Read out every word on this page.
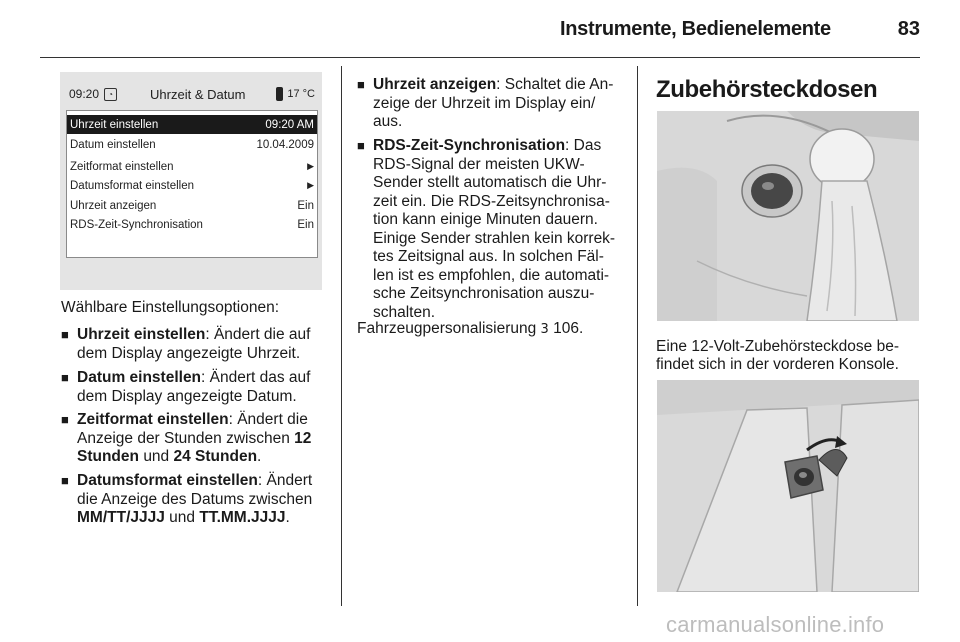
Instrumente, Bedienelemente	83
09:20	◔	Uhrzeit & Datum	17 °C
Uhrzeit einstellen	09:20 AM
Datum einstellen	10.04.2009
Zeitformat einstellen	▶
Datumsformat einstellen	▶
Uhrzeit anzeigen	Ein
RDS-Zeit-Synchronisation	Ein
Wählbare Einstellungsoptionen:
■ Uhrzeit einstellen: Ändert die auf
dem Display angezeigte Uhrzeit.
■ Datum einstellen: Ändert das auf
dem Display angezeigte Datum.
■ Zeitformat einstellen: Ändert die
Anzeige der Stunden zwischen 12
Stunden und 24 Stunden.
■ Datumsformat einstellen: Ändert
die Anzeige des Datums zwischen
MM/TT/JJJJ und TT.MM.JJJJ.
■ Uhrzeit anzeigen: Schaltet die An-
zeige der Uhrzeit im Display ein/
aus.
■ RDS-Zeit-Synchronisation: Das
RDS-Signal der meisten UKW-
Sender stellt automatisch die Uhr-
zeit ein. Die RDS-Zeitsynchronisa-
tion kann einige Minuten dauern.
Einige Sender strahlen kein korrek-
tes Zeitsignal aus. In solchen Fäl-
len ist es empfohlen, die automati-
sche Zeitsynchronisation auszu-
schalten.
Fahrzeugpersonalisierung 3 106.
Zubehörsteckdosen
Eine 12-Volt-Zubehörsteckdose be-
findet sich in der vorderen Konsole.
carmanualsonline.info
